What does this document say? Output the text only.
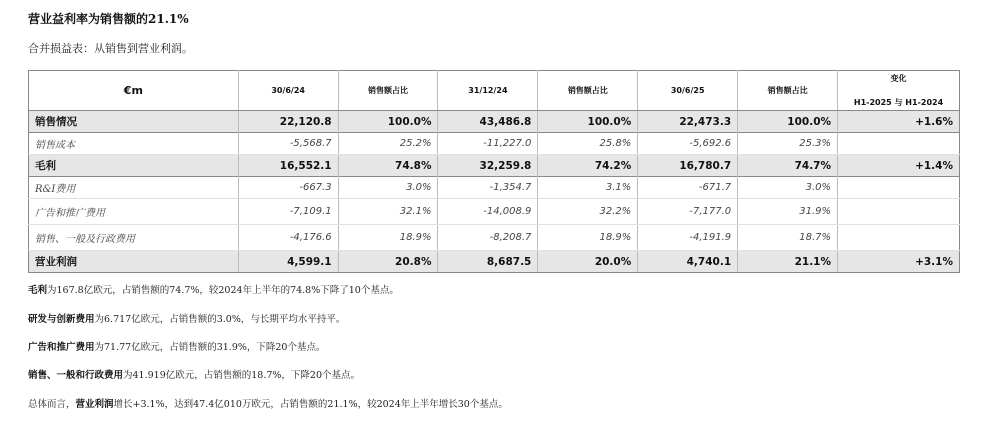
营业益利率为销售额的21.1%
合并损益表：从销售到营业利润。
€m	30/6/24	销售额占比	31/12/24	销售额占比	30/6/25	销售额占比	变化
H1-2025 与 H1-2024

销售情况	22,120.8	100.0%	43,486.8	100.0%	22,473.3	100.0%	+1.6%
销售成本	-5,568.7	25.2%	-11,227.0	25.8%	-5,692.6	25.3%	
毛利	16,552.1	74.8%	32,259.8	74.2%	16,780.7	74.7%	+1.4%
R&I费用	-667.3	3.0%	-1,354.7	3.1%	-671.7	3.0%	
广告和推广费用	-7,109.1	32.1%	-14,008.9	32.2%	-7,177.0	31.9%	
销售、一般及行政费用	-4,176.6	18.9%	-8,208.7	18.9%	-4,191.9	18.7%	
营业利润	4,599.1	20.8%	8,687.5	20.0%	4,740.1	21.1%	+3.1%

毛利为167.8亿欧元，占销售额的74.7%，较2024年上半年的74.8%下降了10个基点。

研发与创新费用为6.717亿欧元，占销售额的3.0%，与长期平均水平持平。

广告和推广费用为71.77亿欧元，占销售额的31.9%，下降20个基点。

销售、一般和行政费用为41.919亿欧元，占销售额的18.7%，下降20个基点。

总体而言，营业利润增长+3.1%，达到47.4亿010万欧元，占销售额的21.1%，较2024年上半年增长30个基点。
